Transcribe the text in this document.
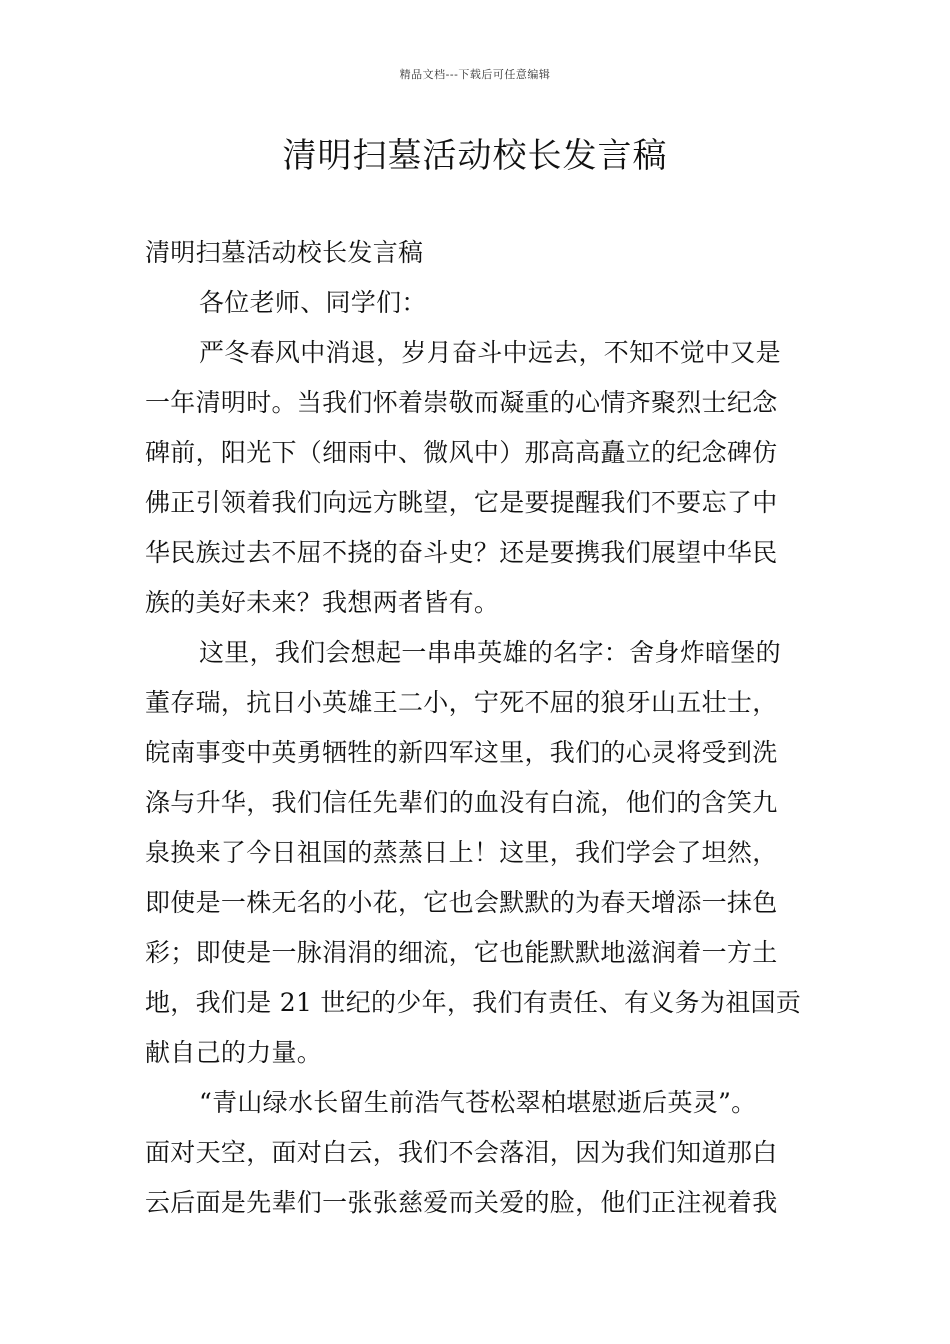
精品文档---下载后可任意编辑
清明扫墓活动校长发言稿
清明扫墓活动校长发言稿
各位老师、同学们：
严冬春风中消退，岁月奋斗中远去，不知不觉中又是
一年清明时。当我们怀着崇敬而凝重的心情齐聚烈士纪念
碑前，阳光下（细雨中、微风中）那高高矗立的纪念碑仿
佛正引领着我们向远方眺望，它是要提醒我们不要忘了中
华民族过去不屈不挠的奋斗史？还是要携我们展望中华民
族的美好未来？我想两者皆有。
这里，我们会想起一串串英雄的名字：舍身炸暗堡的
董存瑞，抗日小英雄王二小，宁死不屈的狼牙山五壮士，
皖南事变中英勇牺牲的新四军这里，我们的心灵将受到洗
涤与升华，我们信任先辈们的血没有白流，他们的含笑九
泉换来了今日祖国的蒸蒸日上！这里，我们学会了坦然，
即使是一株无名的小花，它也会默默的为春天增添一抹色
彩；即使是一脉涓涓的细流，它也能默默地滋润着一方土
地，我们是 21 世纪的少年，我们有责任、有义务为祖国贡
献自己的力量。
“青山绿水长留生前浩气苍松翠柏堪慰逝后英灵”。
面对天空，面对白云，我们不会落泪，因为我们知道那白
云后面是先辈们一张张慈爱而关爱的脸，他们正注视着我
